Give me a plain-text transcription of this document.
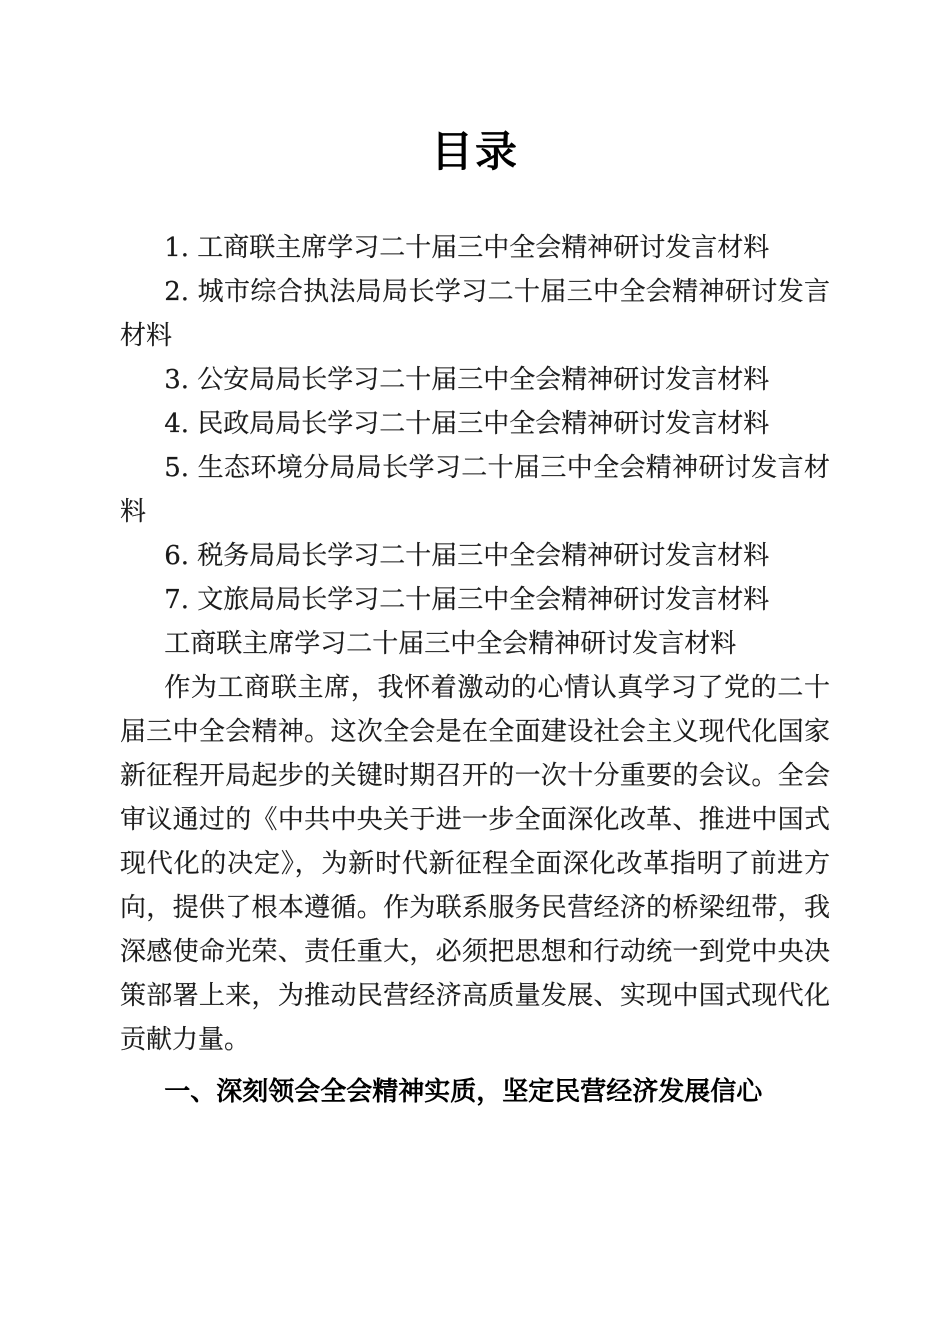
目录

1. 工商联主席学习二十届三中全会精神研讨发言材料

2. 城市综合执法局局长学习二十届三中全会精神研讨发言材料

3. 公安局局长学习二十届三中全会精神研讨发言材料

4. 民政局局长学习二十届三中全会精神研讨发言材料

5. 生态环境分局局长学习二十届三中全会精神研讨发言材料

6. 税务局局长学习二十届三中全会精神研讨发言材料

7. 文旅局局长学习二十届三中全会精神研讨发言材料

工商联主席学习二十届三中全会精神研讨发言材料

作为工商联主席，我怀着激动的心情认真学习了党的二十届三中全会精神。这次全会是在全面建设社会主义现代化国家新征程开局起步的关键时期召开的一次十分重要的会议。全会审议通过的《中共中央关于进一步全面深化改革、推进中国式现代化的决定》，为新时代新征程全面深化改革指明了前进方向，提供了根本遵循。作为联系服务民营经济的桥梁纽带，我深感使命光荣、责任重大，必须把思想和行动统一到党中央决策部署上来，为推动民营经济高质量发展、实现中国式现代化贡献力量。

一、深刻领会全会精神实质，坚定民营经济发展信心
